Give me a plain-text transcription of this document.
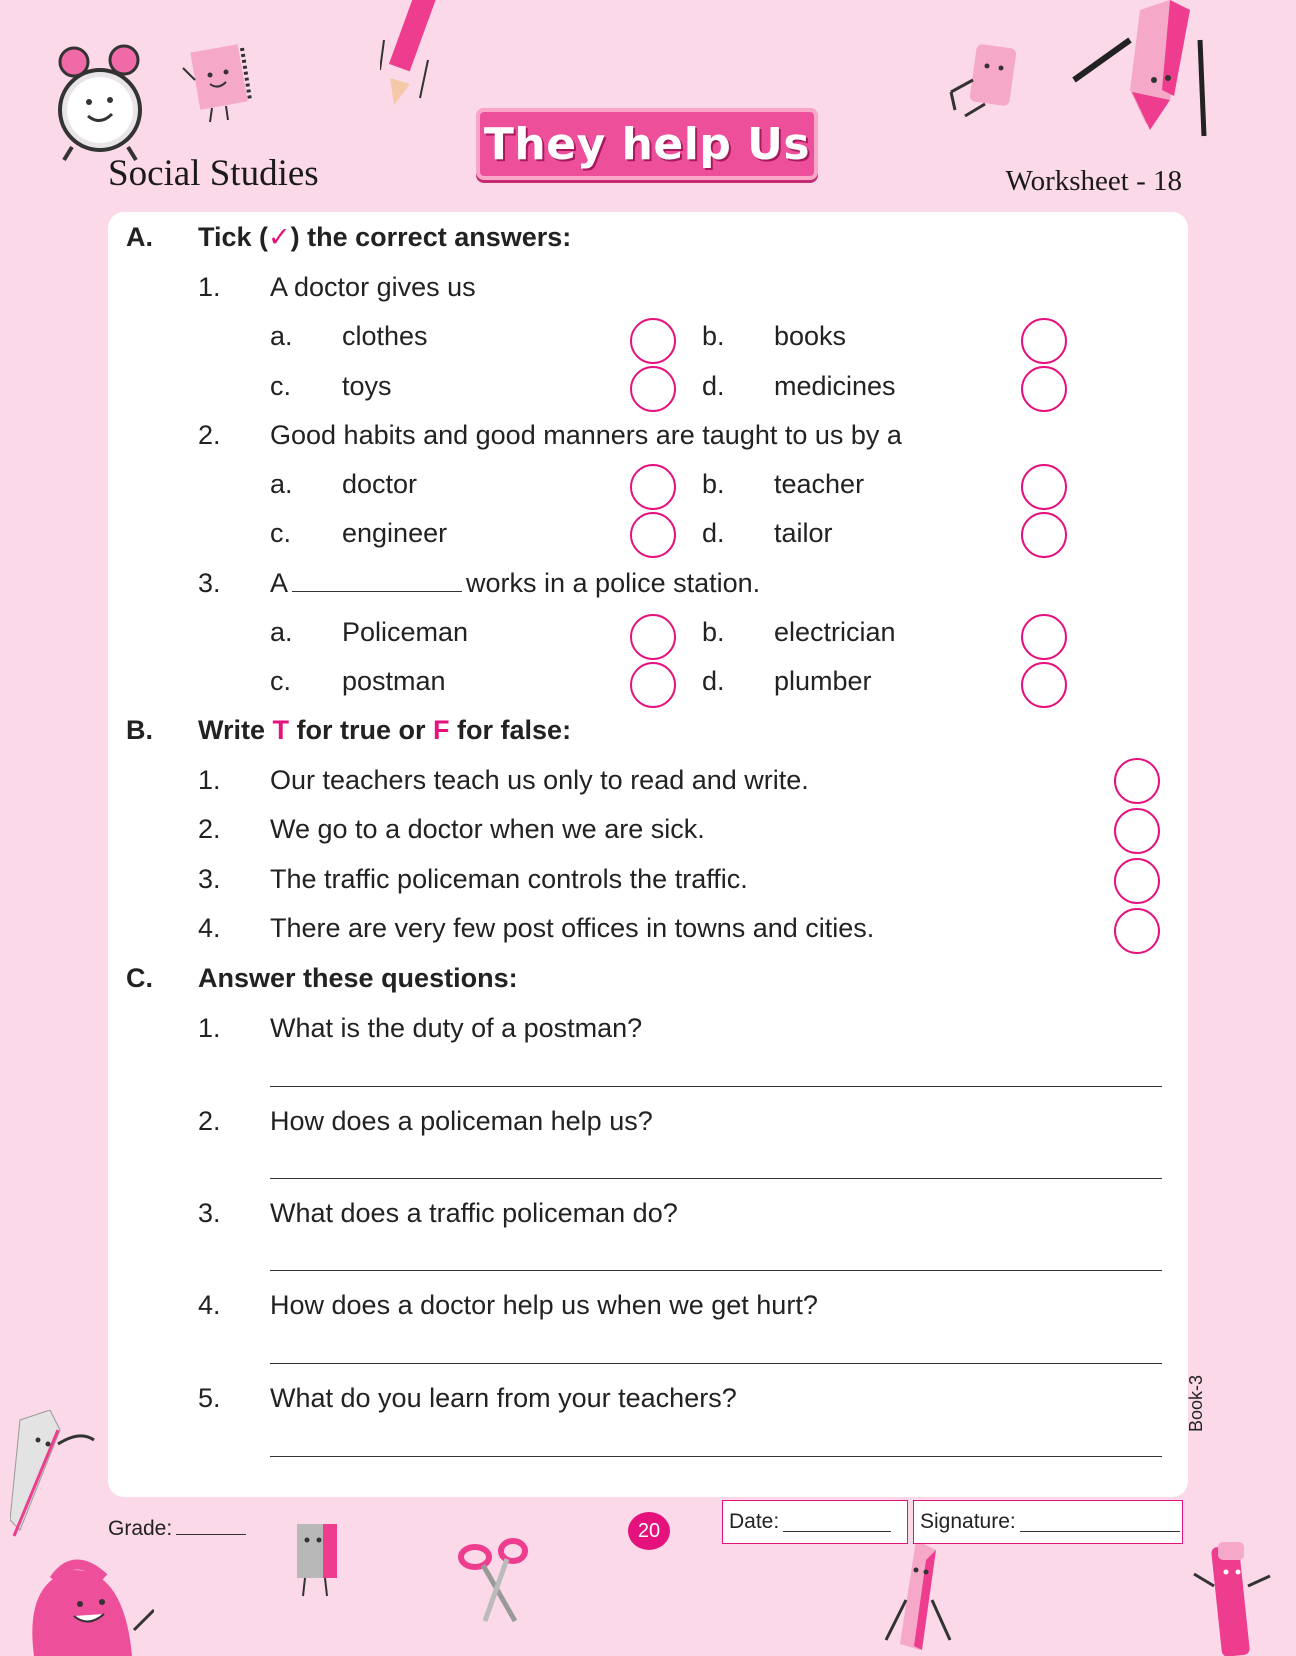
Social Studies
They help Us
Worksheet - 18
A. Tick (✓) the correct answers:
1. A doctor gives us
a. clothes	b. books
c. toys	d. medicines
2. Good habits and good manners are taught to us by a
a. doctor	b. teacher
c. engineer	d. tailor
3. A	works in a police station.
a. Policeman	b. electrician
c. postman	d. plumber
B. Write T for true or F for false:
1. Our teachers teach us only to read and write.
2. We go to a doctor when we are sick.
3. The traffic policeman controls the traffic.
4. There are very few post offices in towns and cities.
C. Answer these questions:
1. What is the duty of a postman?
2. How does a policeman help us?
3. What does a traffic policeman do?
4. How does a doctor help us when we get hurt?
5. What do you learn from your teachers?	Book-3
Grade:	20	Date:	Signature:
